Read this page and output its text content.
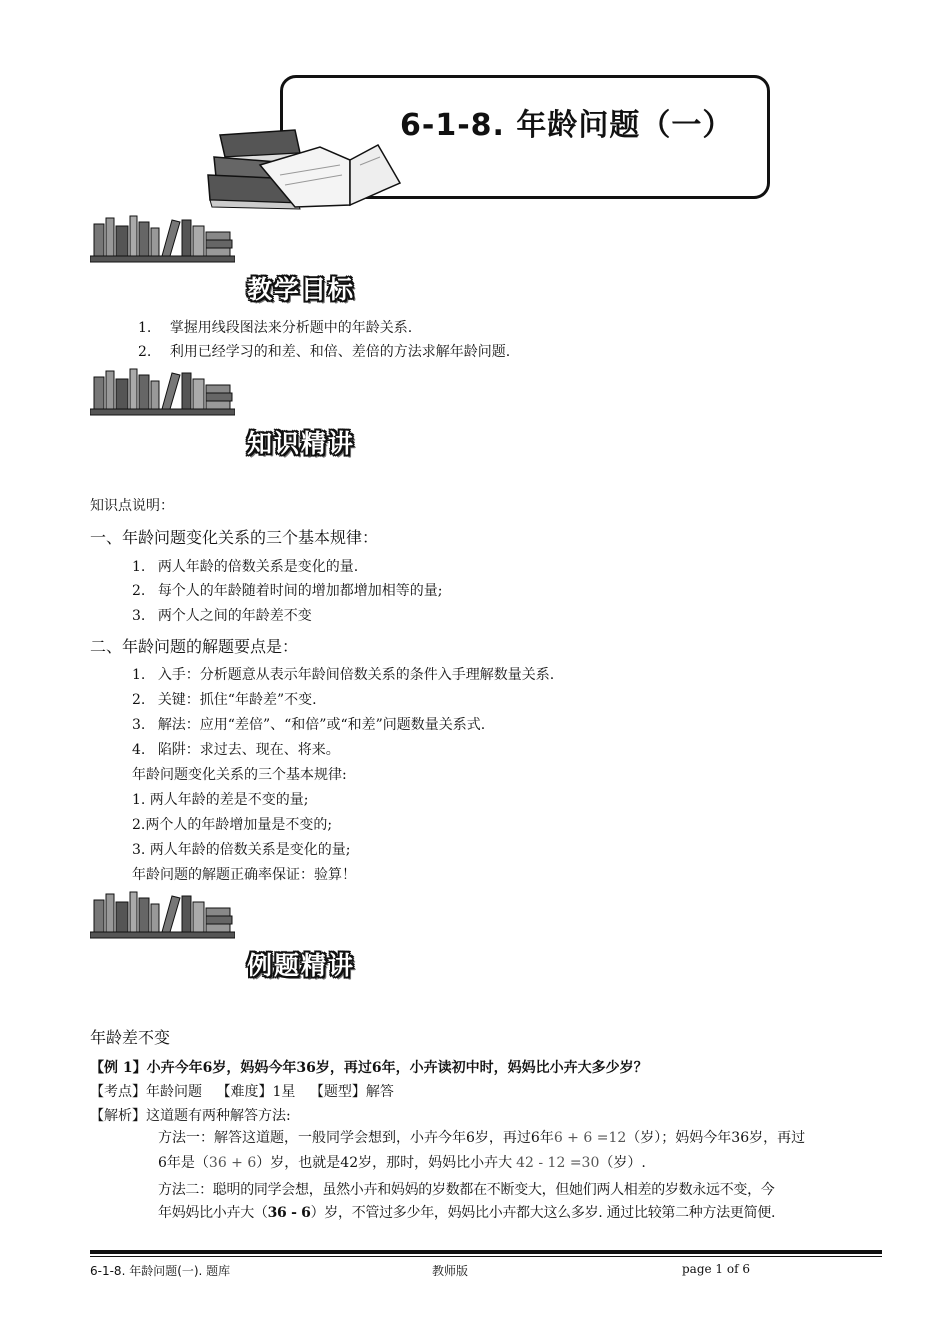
6-1-8. 年龄问题（一）
教学目标
1. 掌握用线段图法来分析题中的年龄关系.
2. 利用已经学习的和差、和倍、差倍的方法求解年龄问题.
知识精讲
知识点说明：
一、年龄问题变化关系的三个基本规律：
1. 两人年龄的倍数关系是变化的量.
2. 每个人的年龄随着时间的增加都增加相等的量;
3. 两个人之间的年龄差不变
二、年龄问题的解题要点是：
1. 入手：分析题意从表示年龄间倍数关系的条件入手理解数量关系.
2. 关键：抓住“年龄差”不变.
3. 解法：应用“差倍”、“和倍”或“和差”问题数量关系式.
4. 陷阱：求过去、现在、将来。
年龄问题变化关系的三个基本规律:
1. 两人年龄的差是不变的量;
2.两个人的年龄增加量是不变的;
3. 两人年龄的倍数关系是变化的量;
年龄问题的解题正确率保证：验算！
例题精讲
年龄差不变
【例 1】小卉今年6岁，妈妈今年36岁，再过6年，小卉读初中时，妈妈比小卉大多少岁？
【考点】年龄问题 【难度】1星 【题型】解答
【解析】这道题有两种解答方法:
方法一：解答这道题，一般同学会想到，小卉今年6岁，再过6年6 + 6 =12（岁）；妈妈今年36岁，再过
6年是（36 + 6）岁，也就是42岁，那时，妈妈比小卉大 42 - 12 =30（岁）.
方法二：聪明的同学会想，虽然小卉和妈妈的岁数都在不断变大，但她们两人相差的岁数永远不变，今
年妈妈比小卉大（36 - 6）岁，不管过多少年，妈妈比小卉都大这么多岁. 通过比较第二种方法更简便.
6-1-8. 年龄问题(一). 题库	教师版	page 1 of 6
